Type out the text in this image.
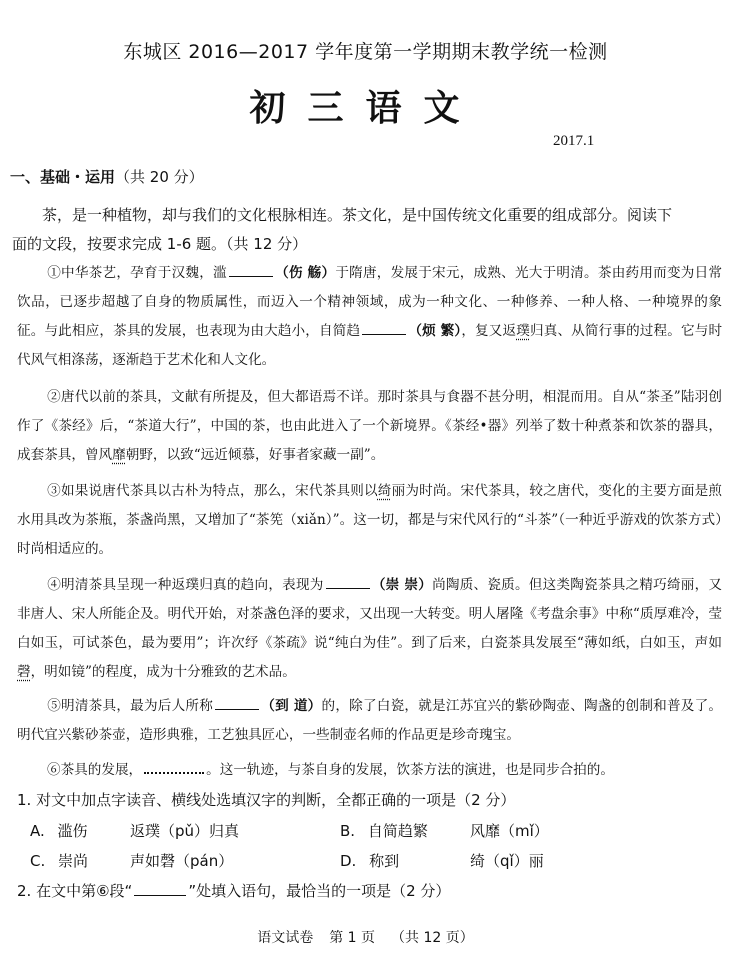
东城区 2016—2017 学年度第一学期期末教学统一检测
初三语文
2017.1
一、基础・运用（共 20 分）
茶，是一种植物，却与我们的文化根脉相连。茶文化，是中国传统文化重要的组成部分。阅读下
面的文段，按要求完成 1-6 题。（共 12 分）
①中华茶艺，孕育于汉魏，滥	（伤 觞）于隋唐，发展于宋元，成熟、光大于明清。茶由药用而变为日常饮品，已逐步超越了自身的物质属性，而迈入一个精神领域，成为一种文化、一种修养、一种人格、一种境界的象征。与此相应，茶具的发展，也表现为由大趋小，自简趋	（烦 繁），复又返璞归真、从简行事的过程。它与时代风气相涤荡，逐渐趋于艺术化和人文化。
②唐代以前的茶具，文献有所提及，但大都语焉不详。那时茶具与食器不甚分明，相混而用。自从“茶圣”陆羽创作了《茶经》后，“茶道大行”，中国的茶，也由此进入了一个新境界。《茶经•器》列举了数十种煮茶和饮茶的器具，成套茶具，曾风靡朝野，以致“远近倾慕，好事者家藏一副”。
③如果说唐代茶具以古朴为特点，那么，宋代茶具则以绮丽为时尚。宋代茶具，较之唐代，变化的主要方面是煎水用具改为茶瓶，茶盏尚黑，又增加了“茶筅（xiǎn）”。这一切，都是与宋代风行的“斗茶”（一种近乎游戏的饮茶方式）时尚相适应的。
④明清茶具呈现一种返璞归真的趋向，表现为	（崇 崇）尚陶质、瓷质。但这类陶瓷茶具之精巧绮丽，又非唐人、宋人所能企及。明代开始，对茶盏色泽的要求，又出现一大转变。明人屠隆《考盘余事》中称“质厚难冷，莹白如玉，可试茶色，最为要用”；许次纾《茶疏》说“纯白为佳”。到了后来，白瓷茶具发展至“薄如纸，白如玉，声如磬，明如镜”的程度，成为十分雅致的艺术品。
⑤明清茶具，最为后人所称	（到 道）的，除了白瓷，就是江苏宜兴的紫砂陶壶、陶盏的创制和普及了。明代宜兴紫砂茶壶，造形典雅，工艺独具匠心，一些制壶名师的作品更是珍奇瑰宝。
⑥茶具的发展，	。这一轨迹，与茶自身的发展，饮茶方法的演进，也是同步合拍的。
1. 对文中加点字读音、横线处选填汉字的判断，全都正确的一项是（2 分）
A. 滥伤	返璞（pǔ）归真	B. 自简趋繁	风靡（mǐ）
C. 崇尚	声如磬（pán）	D. 称到	绮（qǐ）丽
2. 在文中第⑥段“	”处填入语句，最恰当的一项是（2 分）
语文试卷 第 1 页 （共 12 页）
